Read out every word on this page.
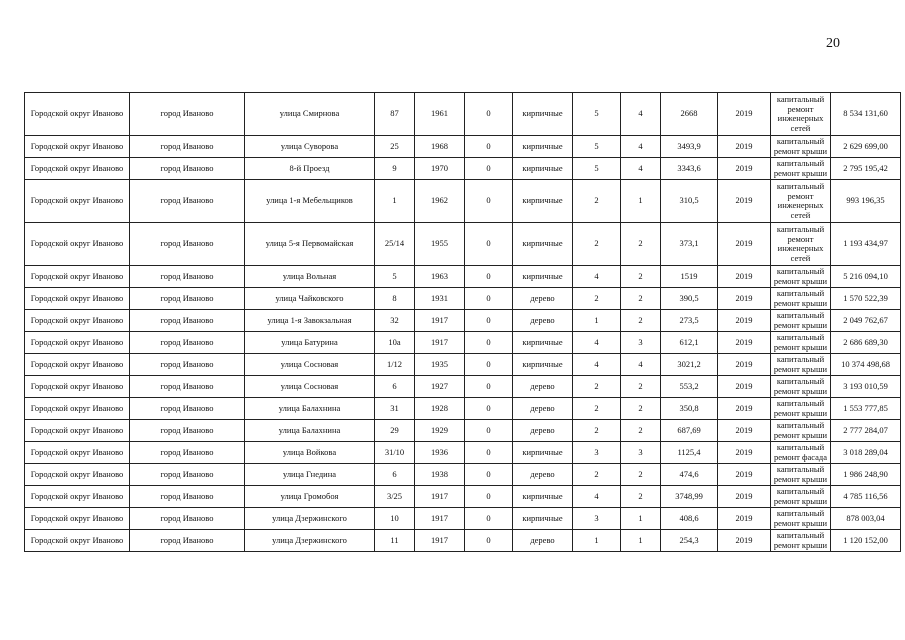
20
Городской округ Иваново	город Иваново	улица Смирнова	87	1961	0	кирпичные	5	4	2668	2019	капитальный ремонт инженерных сетей	8 534 131,60
Городской округ Иваново	город Иваново	улица Суворова	25	1968	0	кирпичные	5	4	3493,9	2019	капитальный ремонт крыши	2 629 699,00
Городской округ Иваново	город Иваново	8-й Проезд	9	1970	0	кирпичные	5	4	3343,6	2019	капитальный ремонт крыши	2 795 195,42
Городской округ Иваново	город Иваново	улица 1-я Мебельщиков	1	1962	0	кирпичные	2	1	310,5	2019	капитальный ремонт инженерных сетей	993 196,35
Городской округ Иваново	город Иваново	улица 5-я Первомайская	25/14	1955	0	кирпичные	2	2	373,1	2019	капитальный ремонт инженерных сетей	1 193 434,97
Городской округ Иваново	город Иваново	улица Вольная	5	1963	0	кирпичные	4	2	1519	2019	капитальный ремонт крыши	5 216 094,10
Городской округ Иваново	город Иваново	улица Чайковского	8	1931	0	дерево	2	2	390,5	2019	капитальный ремонт крыши	1 570 522,39
Городской округ Иваново	город Иваново	улица 1-я Завокзальная	32	1917	0	дерево	1	2	273,5	2019	капитальный ремонт крыши	2 049 762,67
Городской округ Иваново	город Иваново	улица Батурина	10а	1917	0	кирпичные	4	3	612,1	2019	капитальный ремонт крыши	2 686 689,30
Городской округ Иваново	город Иваново	улица Сосновая	1/12	1935	0	кирпичные	4	4	3021,2	2019	капитальный ремонт крыши	10 374 498,68
Городской округ Иваново	город Иваново	улица Сосновая	6	1927	0	дерево	2	2	553,2	2019	капитальный ремонт крыши	3 193 010,59
Городской округ Иваново	город Иваново	улица Балахнина	31	1928	0	дерево	2	2	350,8	2019	капитальный ремонт крыши	1 553 777,85
Городской округ Иваново	город Иваново	улица Балахнина	29	1929	0	дерево	2	2	687,69	2019	капитальный ремонт крыши	2 777 284,07
Городской округ Иваново	город Иваново	улица Войкова	31/10	1936	0	кирпичные	3	3	1125,4	2019	капитальный ремонт фасада	3 018 289,04
Городской округ Иваново	город Иваново	улица Гнедина	6	1938	0	дерево	2	2	474,6	2019	капитальный ремонт крыши	1 986 248,90
Городской округ Иваново	город Иваново	улица Громобоя	3/25	1917	0	кирпичные	4	2	3748,99	2019	капитальный ремонт крыши	4 785 116,56
Городской округ Иваново	город Иваново	улица Дзержинского	10	1917	0	кирпичные	3	1	408,6	2019	капитальный ремонт крыши	878 003,04
Городской округ Иваново	город Иваново	улица Дзержинского	11	1917	0	дерево	1	1	254,3	2019	капитальный ремонт крыши	1 120 152,00
